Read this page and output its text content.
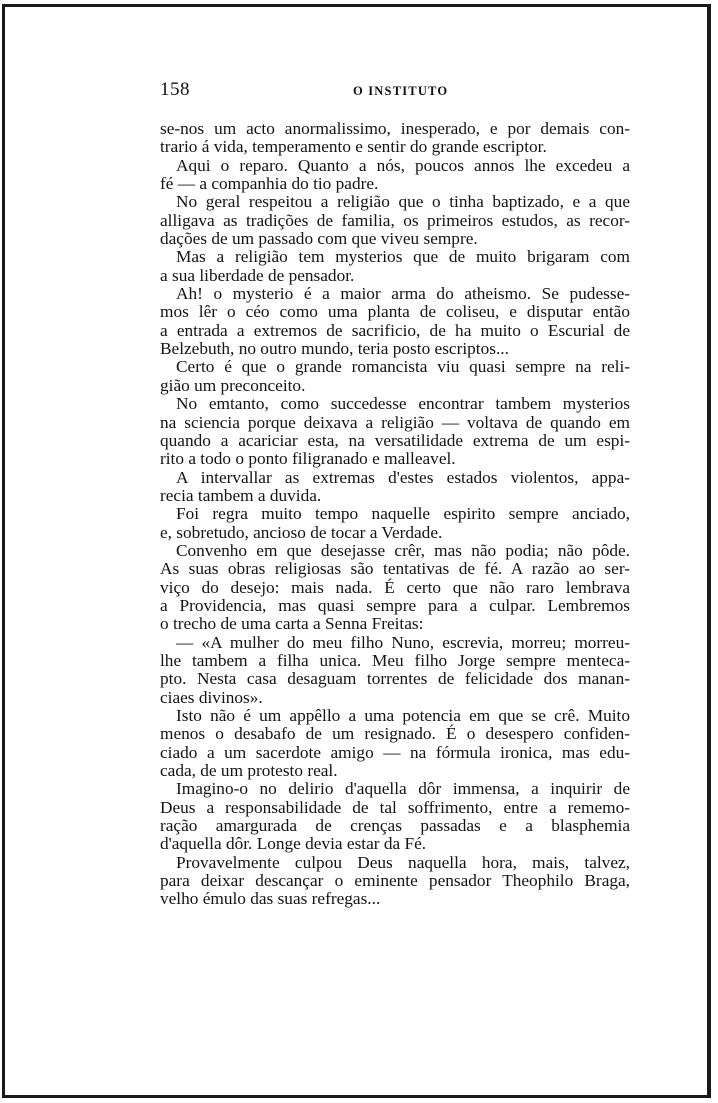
158	O INSTITUTO
se-nos um acto anormalissimo, inesperado, e por demais con-
trario á vida, temperamento e sentir do grande escriptor.
Aqui o reparo. Quanto a nós, poucos annos lhe excedeu a
fé — a companhia do tio padre.
No geral respeitou a religião que o tinha baptizado, e a que
alligava as tradições de familia, os primeiros estudos, as recor-
dações de um passado com que viveu sempre.
Mas a religião tem mysterios que de muito brigaram com
a sua liberdade de pensador.
Ah! o mysterio é a maior arma do atheismo. Se pudesse-
mos lêr o céo como uma planta de coliseu, e disputar então
a entrada a extremos de sacrificio, de ha muito o Escurial de
Belzebuth, no outro mundo, teria posto escriptos...
Certo é que o grande romancista viu quasi sempre na reli-
gião um preconceito.
No emtanto, como succedesse encontrar tambem mysterios
na sciencia porque deixava a religião — voltava de quando em
quando a acariciar esta, na versatilidade extrema de um espi-
rito a todo o ponto filigranado e malleavel.
A intervallar as extremas d'estes estados violentos, appa-
recia tambem a duvida.
Foi regra muito tempo naquelle espirito sempre anciado,
e, sobretudo, ancioso de tocar a Verdade.
Convenho em que desejasse crêr, mas não podia; não pôde.
As suas obras religiosas são tentativas de fé. A razão ao ser-
viço do desejo: mais nada. É certo que não raro lembrava
a Providencia, mas quasi sempre para a culpar. Lembremos
o trecho de uma carta a Senna Freitas:
— «A mulher do meu filho Nuno, escrevia, morreu; morreu-
lhe tambem a filha unica. Meu filho Jorge sempre menteca-
pto. Nesta casa desaguam torrentes de felicidade dos manan-
ciaes divinos».
Isto não é um appêllo a uma potencia em que se crê. Muito
menos o desabafo de um resignado. É o desespero confiden-
ciado a um sacerdote amigo — na fórmula ironica, mas edu-
cada, de um protesto real.
Imagino-o no delirio d'aquella dôr immensa, a inquirir de
Deus a responsabilidade de tal soffrimento, entre a rememo-
ração amargurada de crenças passadas e a blasphemia
d'aquella dôr. Longe devia estar da Fé.
Provavelmente culpou Deus naquella hora, mais, talvez,
para deixar descançar o eminente pensador Theophilo Braga,
velho émulo das suas refregas...
